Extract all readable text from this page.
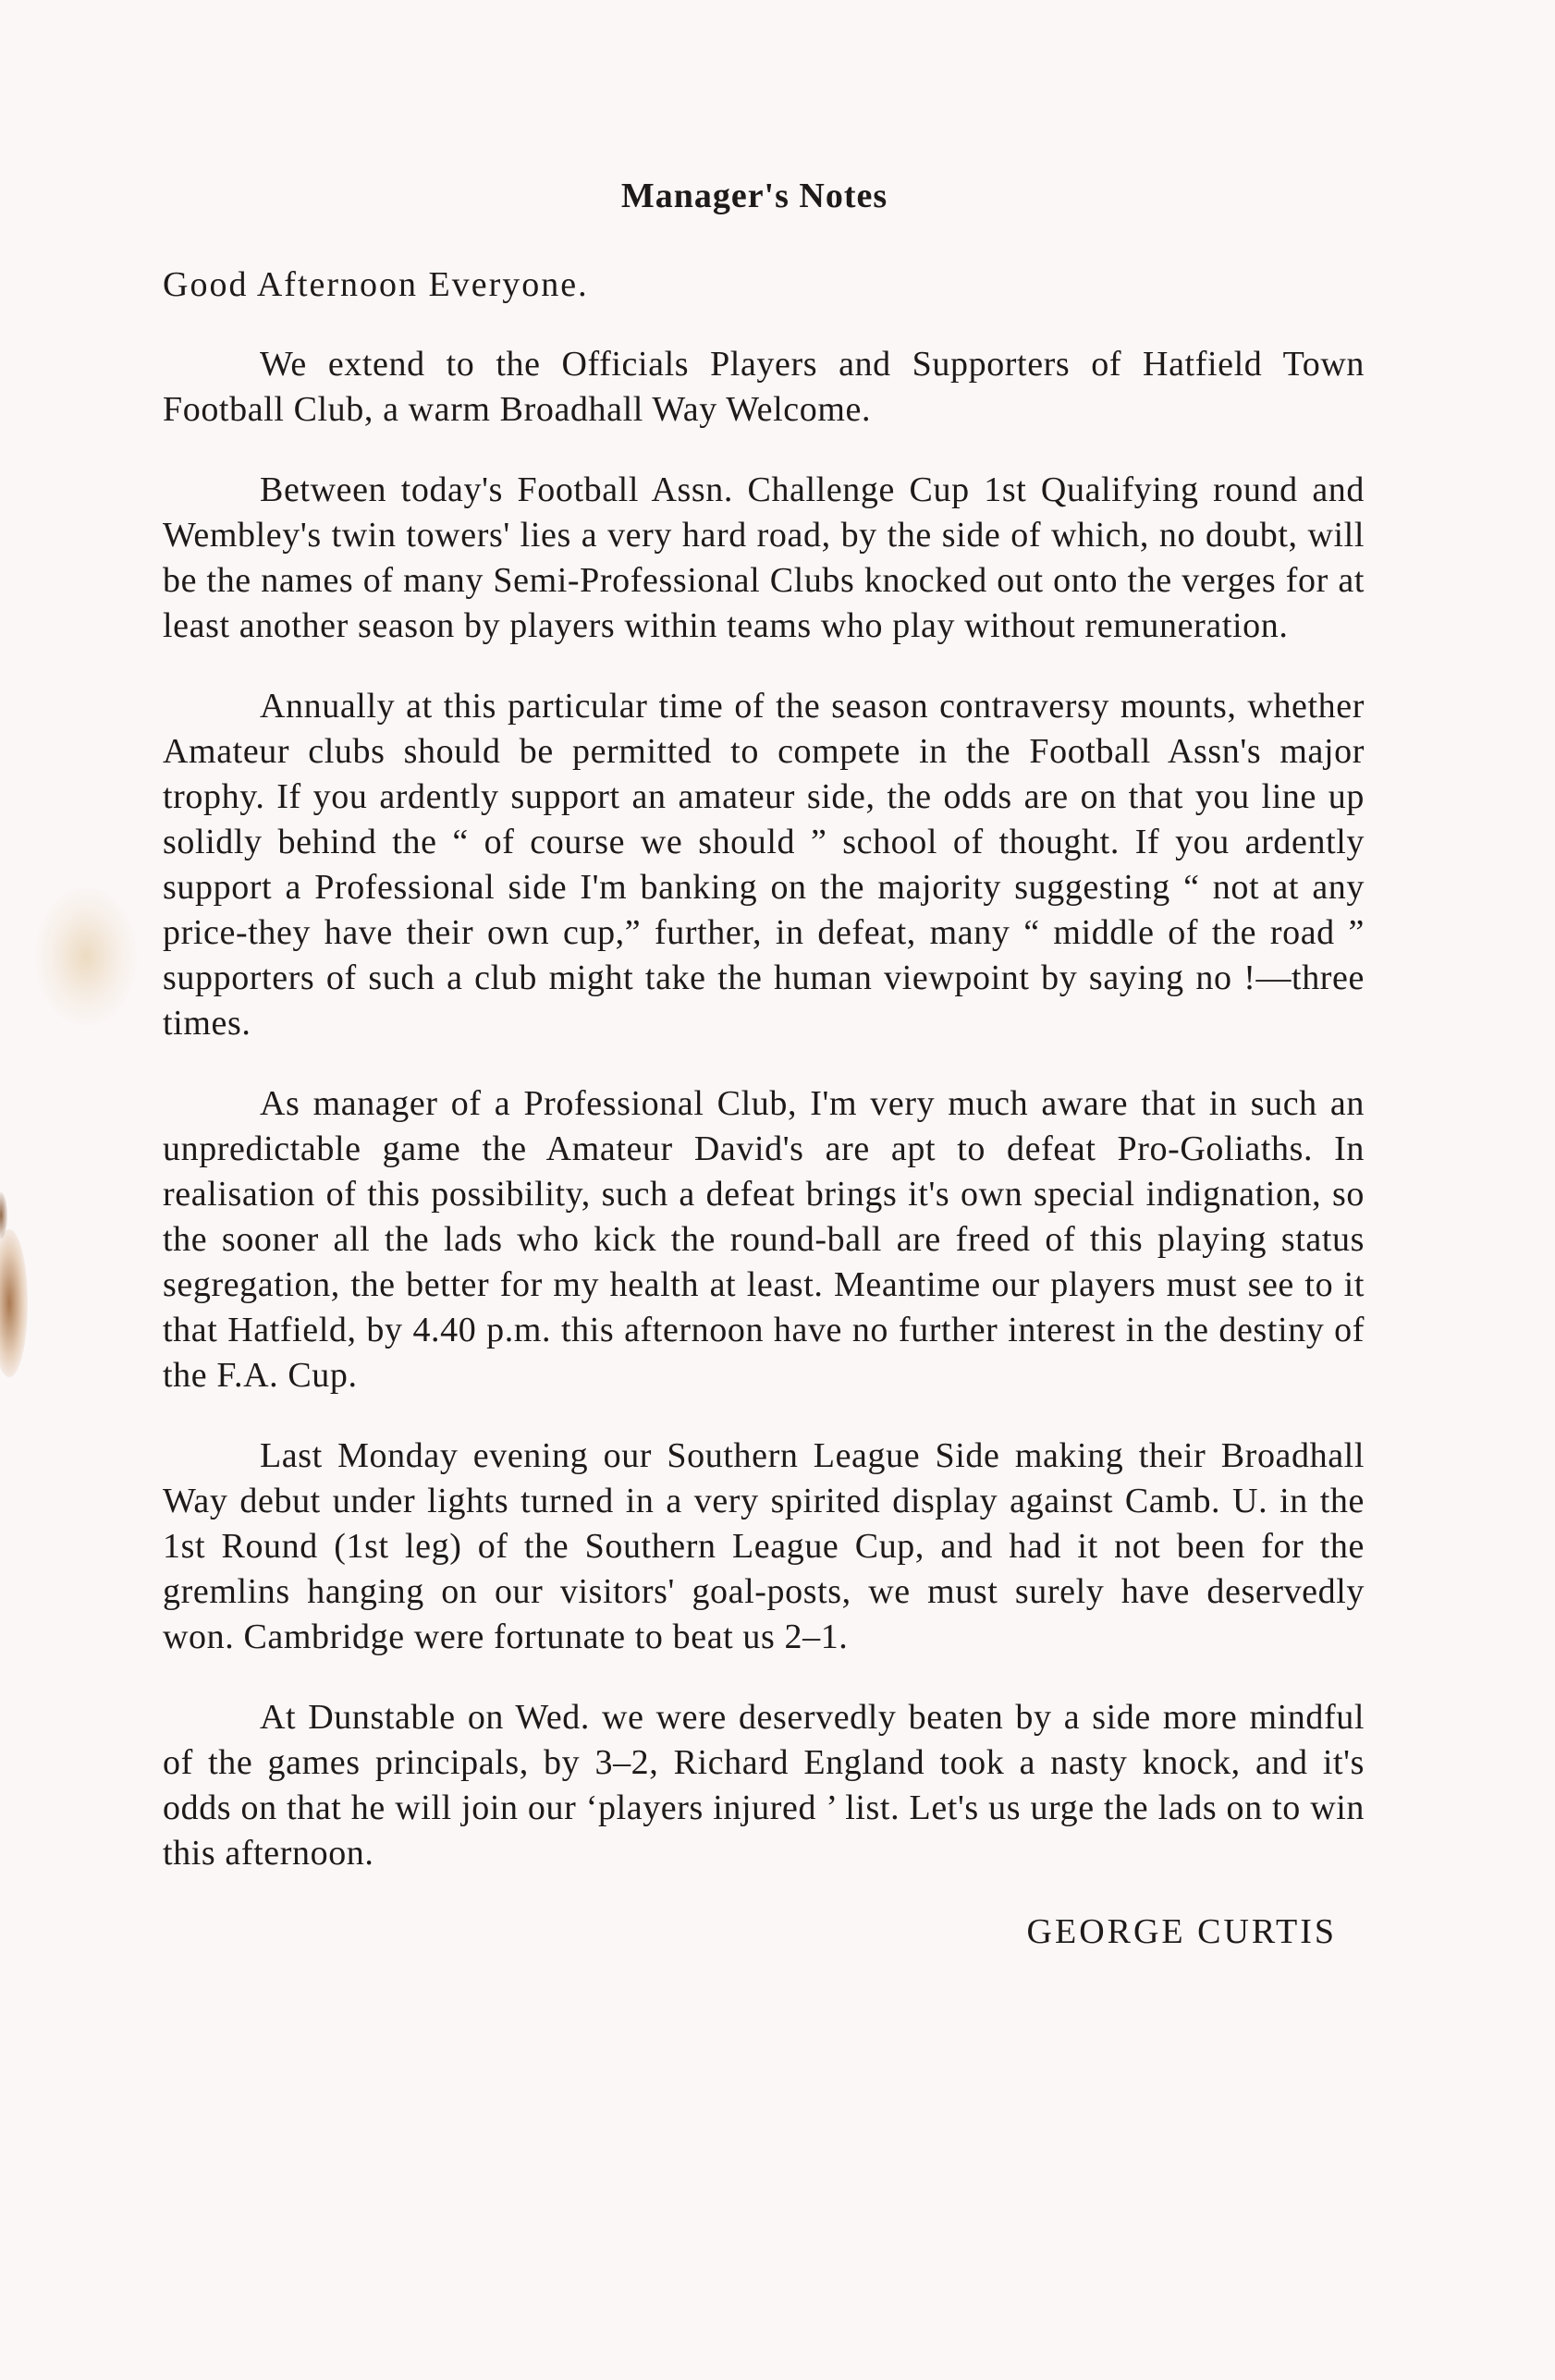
Manager's Notes

Good Afternoon Everyone.

We extend to the Officials Players and Supporters of Hatfield Town Football Club, a warm Broadhall Way Welcome.

Between today's Football Assn. Challenge Cup 1st Qualifying round and Wembley's twin towers' lies a very hard road, by the side of which, no doubt, will be the names of many Semi-Professional Clubs knocked out onto the verges for at least another season by players within teams who play without remuneration.

Annually at this particular time of the season contraversy mounts, whether Amateur clubs should be permitted to compete in the Football Assn's major trophy. If you ardently support an amateur side, the odds are on that you line up solidly behind the “ of course we should ” school of thought. If you ardently support a Professional side I'm banking on the majority suggesting “ not at any price-they have their own cup,” further, in defeat, many “ middle of the road ” supporters of such a club might take the human viewpoint by saying no !—three times.

As manager of a Professional Club, I'm very much aware that in such an unpredictable game the Amateur David's are apt to defeat Pro-Goliaths. In realisation of this possibility, such a defeat brings it's own special indignation, so the sooner all the lads who kick the round-ball are freed of this playing status segregation, the better for my health at least. Meantime our players must see to it that Hatfield, by 4.40 p.m. this afternoon have no further interest in the destiny of the F.A. Cup.

Last Monday evening our Southern League Side making their Broadhall Way debut under lights turned in a very spirited display against Camb. U. in the 1st Round (1st leg) of the Southern League Cup, and had it not been for the gremlins hanging on our visitors' goal-posts, we must surely have deservedly won. Cambridge were fortunate to beat us 2–1.

At Dunstable on Wed. we were deservedly beaten by a side more mindful of the games principals, by 3–2, Richard England took a nasty knock, and it's odds on that he will join our ‘players injured ’ list. Let's us urge the lads on to win this afternoon.

GEORGE CURTIS
